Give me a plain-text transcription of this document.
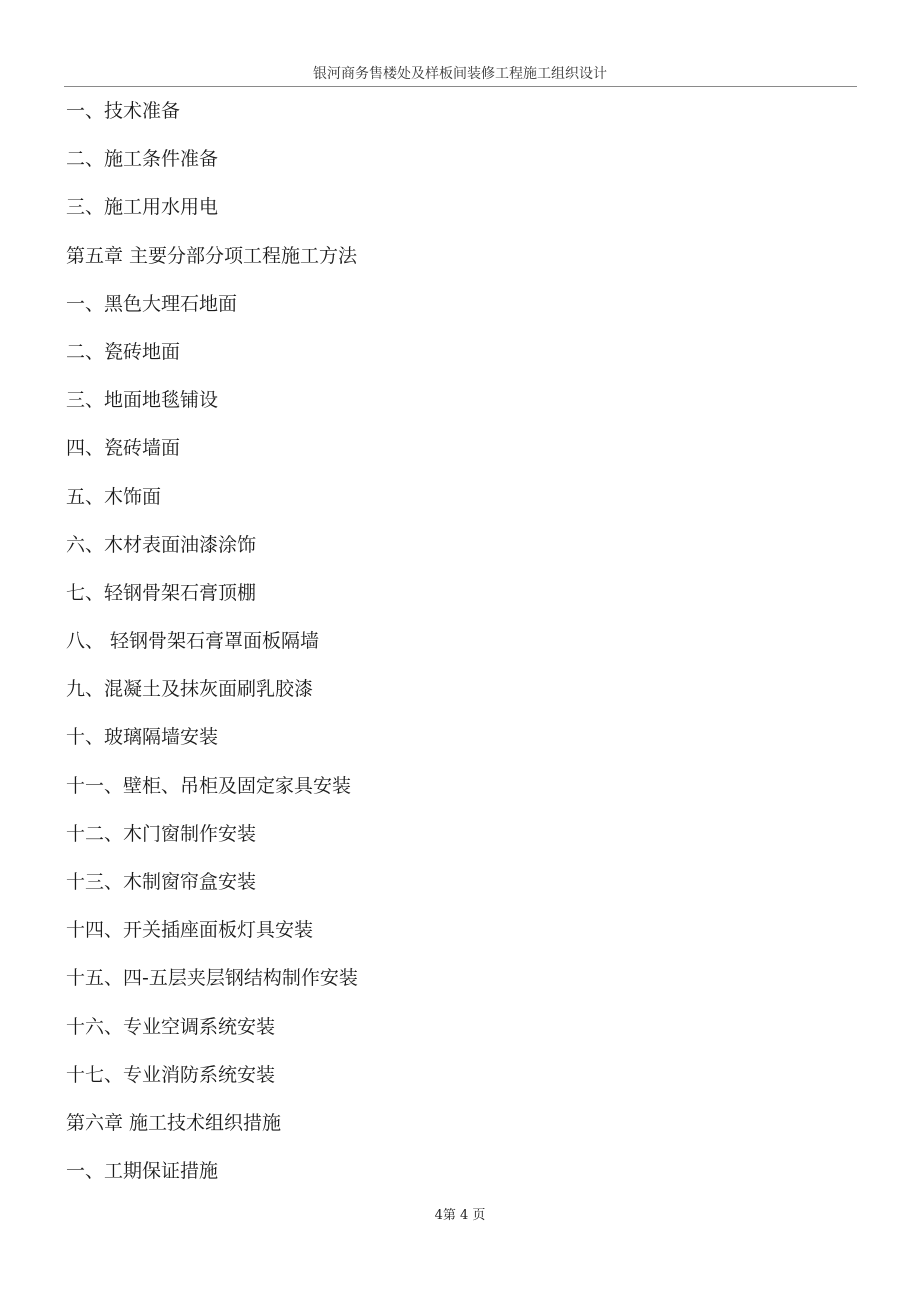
银河商务售楼处及样板间装修工程施工组织设计
一、技术准备
二、施工条件准备
三、施工用水用电
第五章 主要分部分项工程施工方法
一、黑色大理石地面
二、瓷砖地面
三、地面地毯铺设
四、瓷砖墙面
五、木饰面
六、木材表面油漆涂饰
七、轻钢骨架石膏顶棚
八、 轻钢骨架石膏罩面板隔墙
九、混凝土及抹灰面刷乳胶漆
十、玻璃隔墙安装
十一、壁柜、吊柜及固定家具安装
十二、木门窗制作安装
十三、木制窗帘盒安装
十四、开关插座面板灯具安装
十五、四-五层夹层钢结构制作安装
十六、专业空调系统安装
十七、专业消防系统安装
第六章 施工技术组织措施
一、工期保证措施
4第 4 页
